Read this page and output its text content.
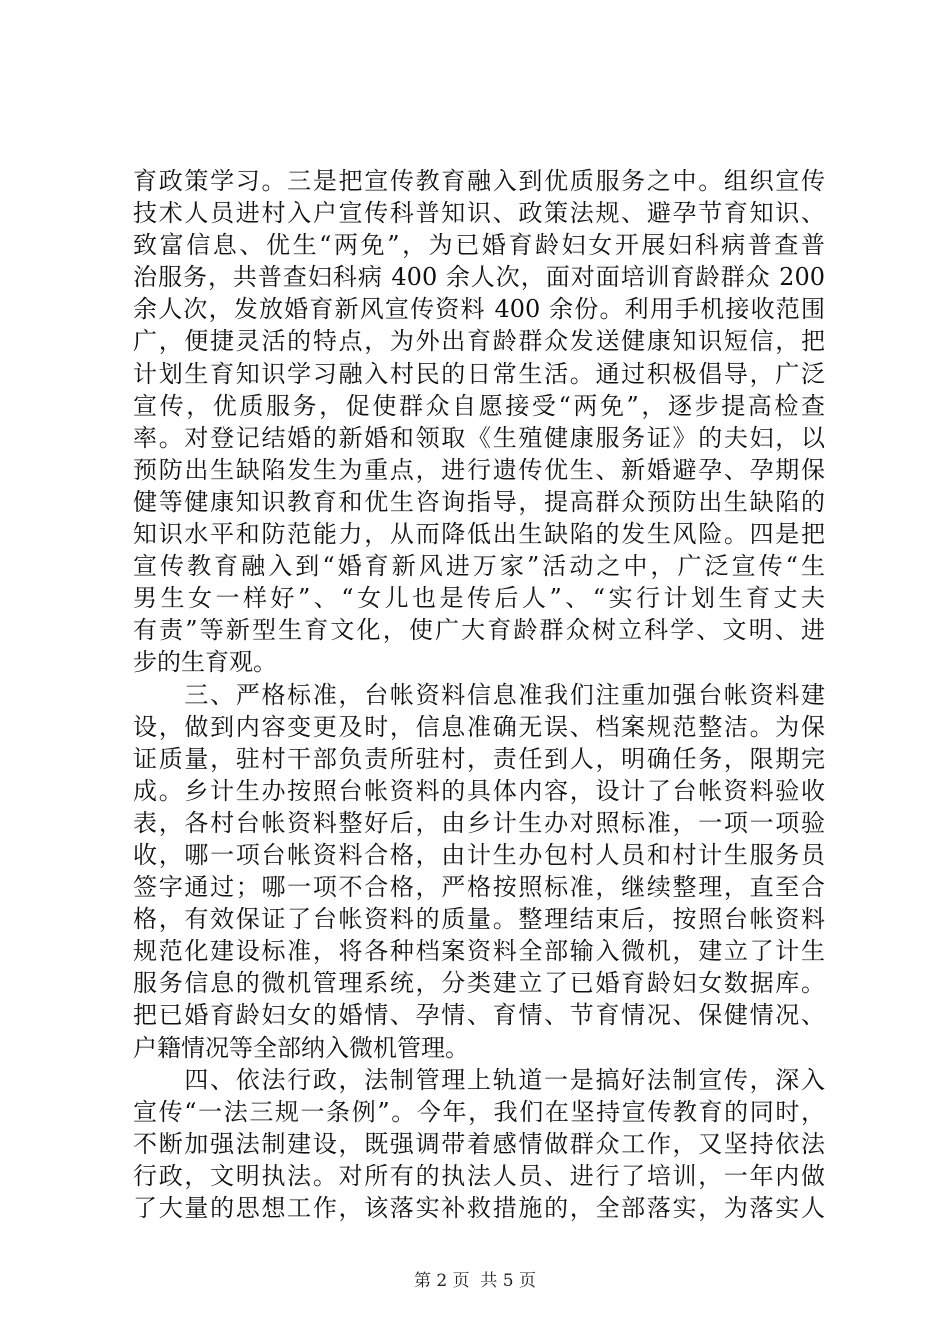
育政策学习。三是把宣传教育融入到优质服务之中。组织宣传
技术人员进村入户宣传科普知识、政策法规、避孕节育知识、
致富信息、优生“两免”，为已婚育龄妇女开展妇科病普查普
治服务，共普查妇科病 400 余人次，面对面培训育龄群众 200
余人次，发放婚育新风宣传资料 400 余份。利用手机接收范围
广，便捷灵活的特点，为外出育龄群众发送健康知识短信，把
计划生育知识学习融入村民的日常生活。通过积极倡导，广泛
宣传，优质服务，促使群众自愿接受“两免”，逐步提高检查
率。对登记结婚的新婚和领取《生殖健康服务证》的夫妇，以
预防出生缺陷发生为重点，进行遗传优生、新婚避孕、孕期保
健等健康知识教育和优生咨询指导，提高群众预防出生缺陷的
知识水平和防范能力，从而降低出生缺陷的发生风险。四是把
宣传教育融入到“婚育新风进万家”活动之中，广泛宣传“生
男生女一样好”、“女儿也是传后人”、“实行计划生育丈夫
有责”等新型生育文化，使广大育龄群众树立科学、文明、进
步的生育观。
　　三、严格标准，台帐资料信息准我们注重加强台帐资料建
设，做到内容变更及时，信息准确无误、档案规范整洁。为保
证质量，驻村干部负责所驻村，责任到人，明确任务，限期完
成。乡计生办按照台帐资料的具体内容，设计了台帐资料验收
表，各村台帐资料整好后，由乡计生办对照标准，一项一项验
收，哪一项台帐资料合格，由计生办包村人员和村计生服务员
签字通过；哪一项不合格，严格按照标准，继续整理，直至合
格，有效保证了台帐资料的质量。整理结束后，按照台帐资料
规范化建设标准，将各种档案资料全部输入微机，建立了计生
服务信息的微机管理系统，分类建立了已婚育龄妇女数据库。
把已婚育龄妇女的婚情、孕情、育情、节育情况、保健情况、
户籍情况等全部纳入微机管理。
　　四、依法行政，法制管理上轨道一是搞好法制宣传，深入
宣传“一法三规一条例”。今年，我们在坚持宣传教育的同时，
不断加强法制建设，既强调带着感情做群众工作，又坚持依法
行政，文明执法。对所有的执法人员、进行了培训，一年内做
了大量的思想工作，该落实补救措施的，全部落实，为落实人
第 2 页  共 5 页
